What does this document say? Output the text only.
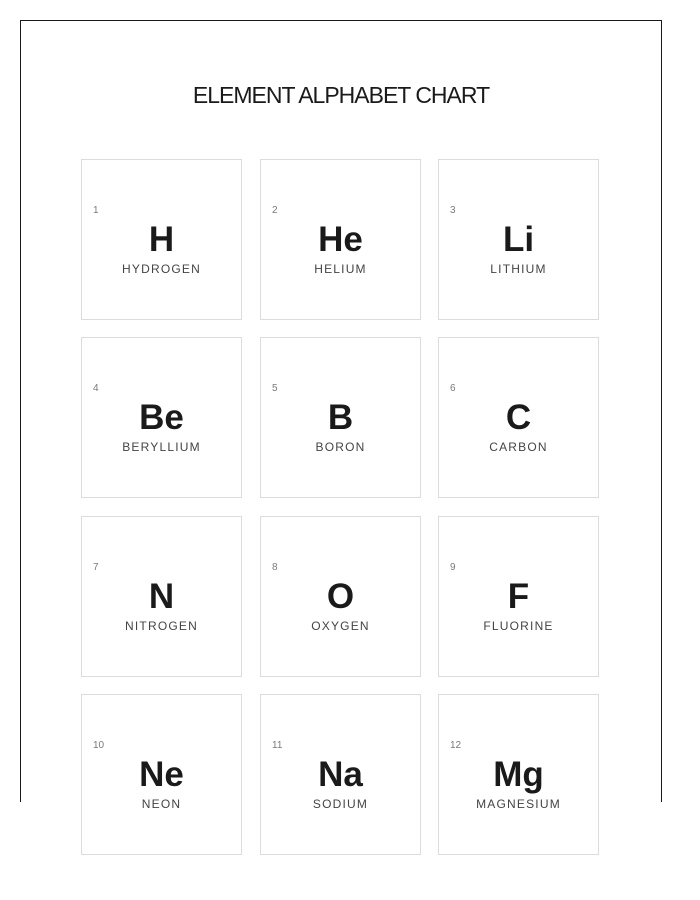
ELEMENT ALPHABET CHART
1
H
HYDROGEN
2
He
HELIUM
3
Li
LITHIUM
4
Be
BERYLLIUM
5
B
BORON
6
C
CARBON
7
N
NITROGEN
8
O
OXYGEN
9
F
FLUORINE
10
Ne
NEON
11
Na
SODIUM
12
Mg
MAGNESIUM
